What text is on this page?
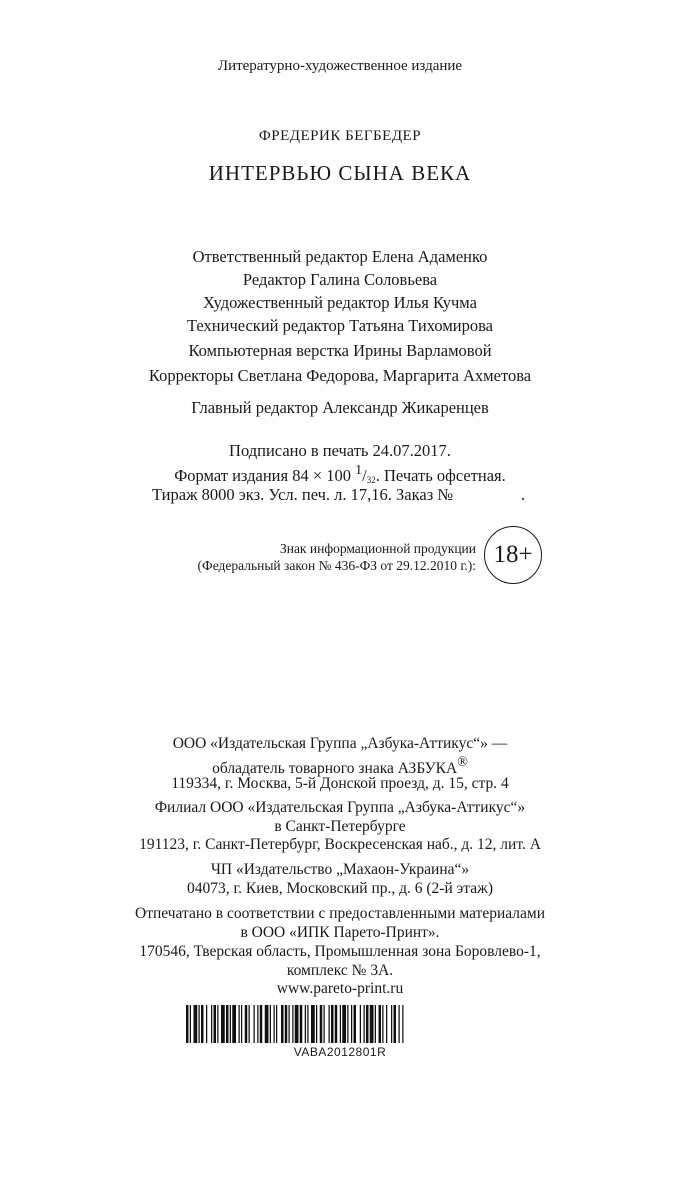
Литературно-художественное издание
ФРЕДЕРИК БЕГБЕДЕР
ИНТЕРВЬЮ СЫНА ВЕКА
Ответственный редактор Елена Адаменко
Редактор Галина Соловьева
Художественный редактор Илья Кучма
Технический редактор Татьяна Тихомирова
Компьютерная верстка Ирины Варламовой
Корректоры Светлана Федорова, Маргарита Ахметова
Главный редактор Александр Жикаренцев
Подписано в печать 24.07.2017.
Формат издания 84 × 100 $^1/_{32}$. Печать офсетная.
Тираж 8000 экз. Усл. печ. л. 17,16. Заказ №	.
Знак информационной продукции
(Федеральный закон № 436-ФЗ от 29.12.2010 г.): 18+
ООО «Издательская Группа „Азбука-Аттикус“» —
обладатель товарного знака АЗБУКА®
119334, г. Москва, 5-й Донской проезд, д. 15, стр. 4
Филиал ООО «Издательская Группа „Азбука-Аттикус“»
в Санкт-Петербурге
191123, г. Санкт-Петербург, Воскресенская наб., д. 12, лит. А
ЧП «Издательство „Махаон-Украина“»
04073, г. Киев, Московский пр., д. 6 (2-й этаж)
Отпечатано в соответствии с предоставленными материалами
в ООО «ИПК Парето-Принт».
170546, Тверская область, Промышленная зона Боровлево-1,
комплекс № 3А.
www.pareto-print.ru
VABA2012801R
